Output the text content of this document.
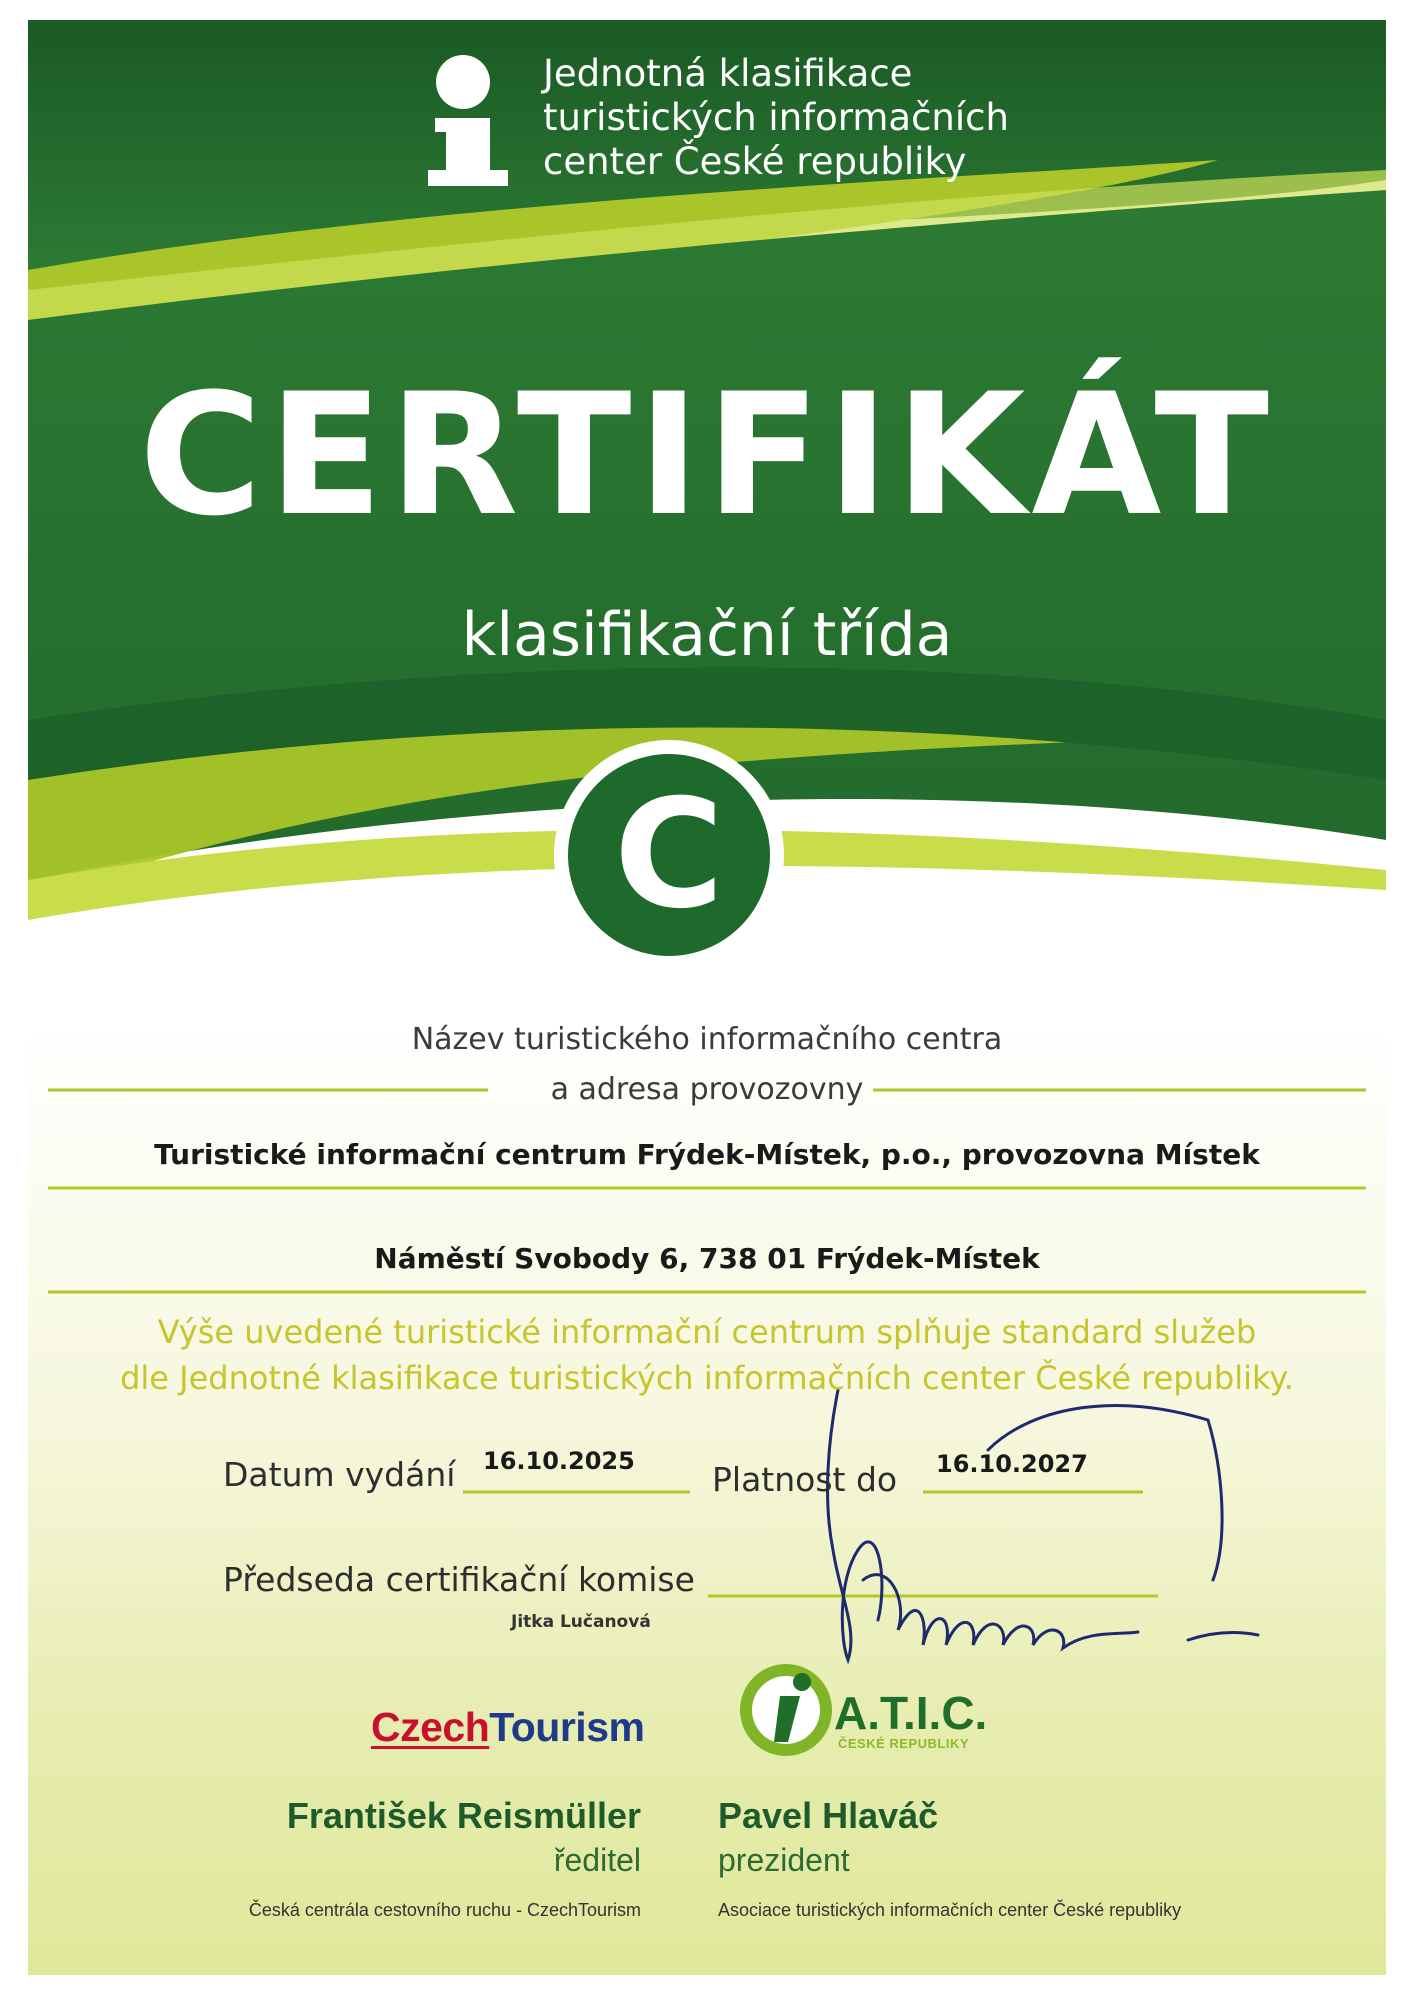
Jednotná klasifikace
turistických informačních
center České republiky
CERTIFIKÁT
klasifikační třída
C
Název turistického informačního centra
a adresa provozovny
Turistické informační centrum Frýdek-Místek, p.o., provozovna Místek
Náměstí Svobody 6, 738 01 Frýdek-Místek
Výše uvedené turistické informační centrum splňuje standard služeb
dle Jednotné klasifikace turistických informačních center České republiky.
Datum vydání 16.10.2025 Platnost do 16.10.2027
Předseda certifikační komise
Jitka Lučanová
CzechTourism	A.T.I.C.
ČESKÉ REPUBLIKY
František Reismüller
ředitel
Česká centrála cestovního ruchu - CzechTourism
Pavel Hlaváč
prezident
Asociace turistických informačních center České republiky
